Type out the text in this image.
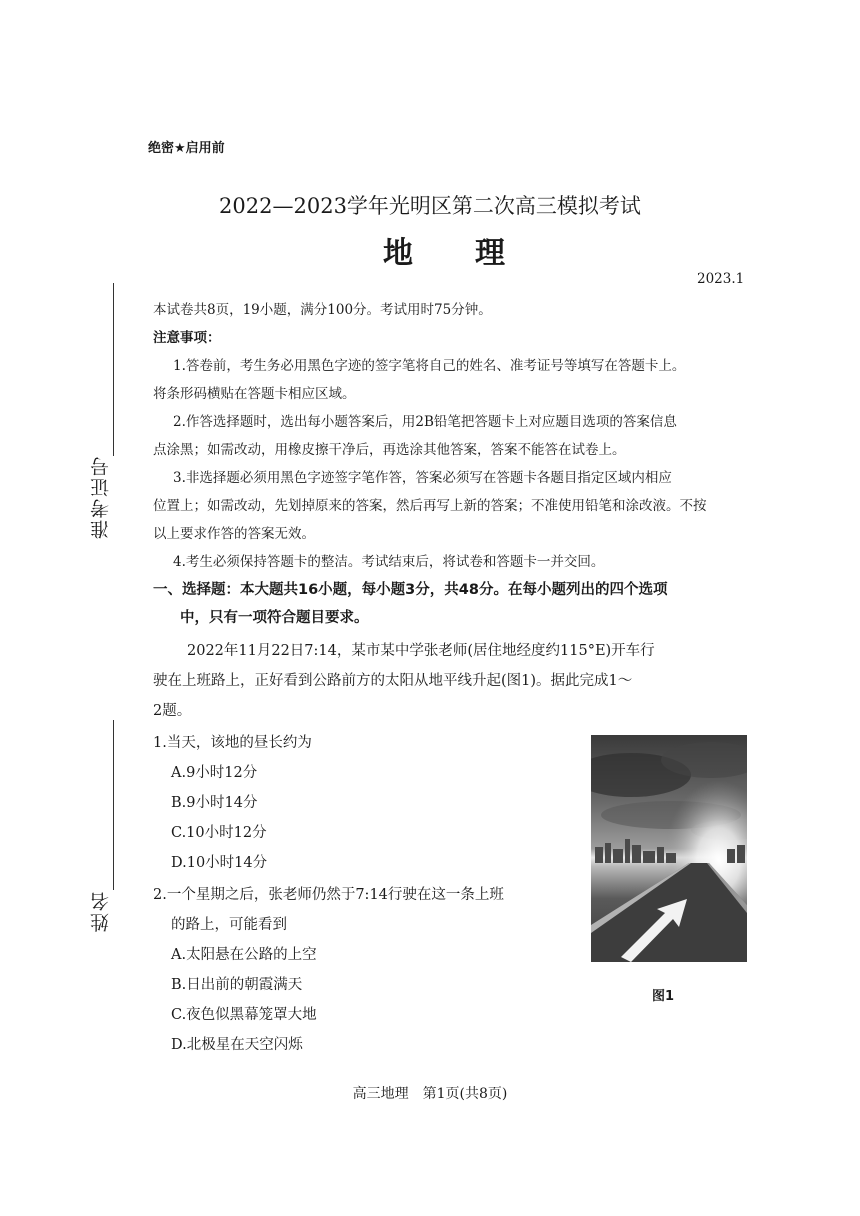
绝密★启用前
2022—2023学年光明区第二次高三模拟考试
地理
2023.1
准考证号
姓名
本试卷共8页，19小题，满分100分。考试用时75分钟。
注意事项：
1.答卷前，考生务必用黑色字迹的签字笔将自己的姓名、准考证号等填写在答题卡上。
将条形码横贴在答题卡相应区域。
2.作答选择题时，选出每小题答案后，用2B铅笔把答题卡上对应题目选项的答案信息
点涂黑；如需改动，用橡皮擦干净后，再选涂其他答案，答案不能答在试卷上。
3.非选择题必须用黑色字迹签字笔作答，答案必须写在答题卡各题目指定区域内相应
位置上；如需改动，先划掉原来的答案，然后再写上新的答案；不准使用铅笔和涂改液。不按
以上要求作答的答案无效。
4.考生必须保持答题卡的整洁。考试结束后，将试卷和答题卡一并交回。
一、选择题：本大题共16小题，每小题3分，共48分。在每小题列出的四个选项
中，只有一项符合题目要求。
2022年11月22日7:14，某市某中学张老师(居住地经度约115°E)开车行
驶在上班路上，正好看到公路前方的太阳从地平线升起(图1)。据此完成1～
2题。
1.当天，该地的昼长约为
A.9小时12分
B.9小时14分
C.10小时12分
D.10小时14分
2.一个星期之后，张老师仍然于7:14行驶在这一条上班
的路上，可能看到
A.太阳悬在公路的上空
B.日出前的朝霞满天
C.夜色似黑幕笼罩大地
D.北极星在天空闪烁
图1
高三地理　第1页(共8页)
